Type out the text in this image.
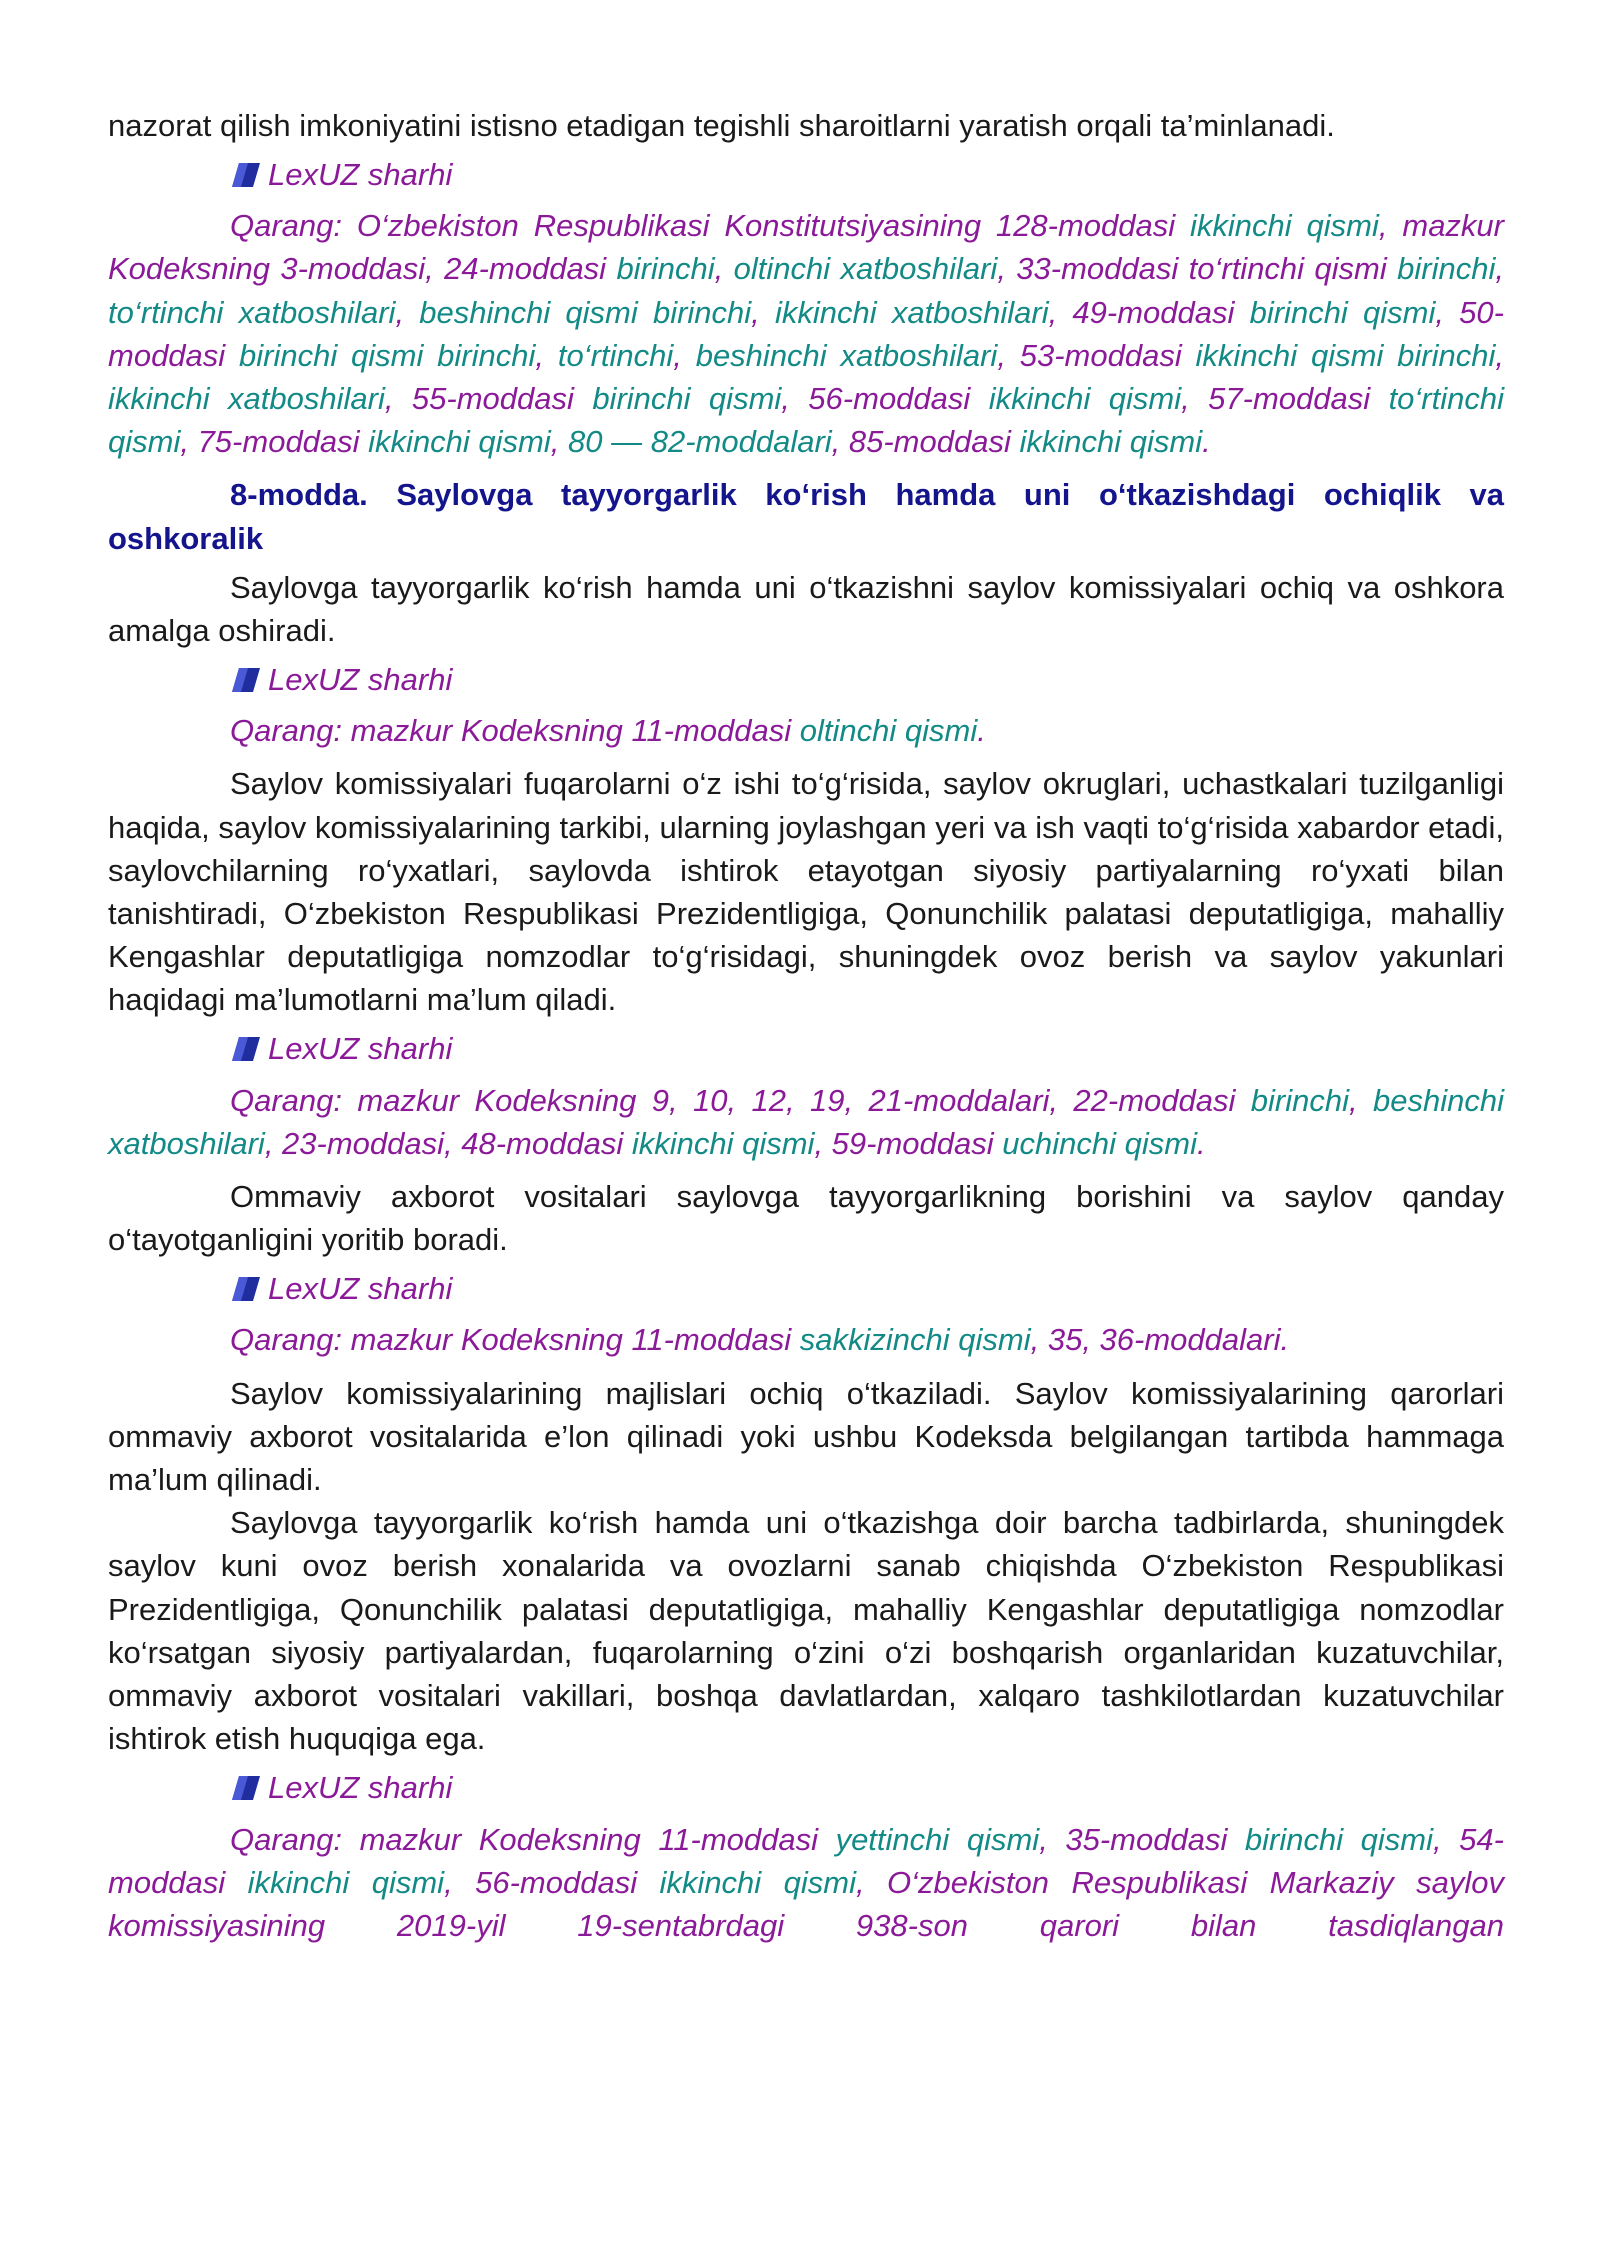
nazorat qilish imkoniyatini istisno etadigan tegishli sharoitlarni yaratish orqali ta’minlanadi.

LexUZ sharhi

Qarang: O‘zbekiston Respublikasi Konstitutsiyasining 128-moddasi ikkinchi qismi, mazkur Kodeksning 3-moddasi, 24-moddasi birinchi, oltinchi xatboshilari, 33-moddasi to‘rtinchi qismi birinchi, to‘rtinchi xatboshilari, beshinchi qismi birinchi, ikkinchi xatboshilari, 49-moddasi birinchi qismi, 50-moddasi birinchi qismi birinchi, to‘rtinchi, beshinchi xatboshilari, 53-moddasi ikkinchi qismi birinchi, ikkinchi xatboshilari, 55-moddasi birinchi qismi, 56-moddasi ikkinchi qismi, 57-moddasi to‘rtinchi qismi, 75-moddasi ikkinchi qismi, 80 — 82-moddalari, 85-moddasi ikkinchi qismi.

8-modda. Saylovga tayyorgarlik ko‘rish hamda uni o‘tkazishdagi ochiqlik va oshkoralik

Saylovga tayyorgarlik ko‘rish hamda uni o‘tkazishni saylov komissiyalari ochiq va oshkora amalga oshiradi.

LexUZ sharhi

Qarang: mazkur Kodeksning 11-moddasi oltinchi qismi.

Saylov komissiyalari fuqarolarni o‘z ishi to‘g‘risida, saylov okruglari, uchastkalari tuzilganligi haqida, saylov komissiyalarining tarkibi, ularning joylashgan yeri va ish vaqti to‘g‘risida xabardor etadi, saylovchilarning ro‘yxatlari, saylovda ishtirok etayotgan siyosiy partiyalarning ro‘yxati bilan tanishtiradi, O‘zbekiston Respublikasi Prezidentligiga, Qonunchilik palatasi deputatligiga, mahalliy Kengashlar deputatligiga nomzodlar to‘g‘risidagi, shuningdek ovoz berish va saylov yakunlari haqidagi ma’lumotlarni ma’lum qiladi.

LexUZ sharhi

Qarang: mazkur Kodeksning 9, 10, 12, 19, 21-moddalari, 22-moddasi birinchi, beshinchi xatboshilari, 23-moddasi, 48-moddasi ikkinchi qismi, 59-moddasi uchinchi qismi.

Ommaviy axborot vositalari saylovga tayyorgarlikning borishini va saylov qanday o‘tayotganligini yoritib boradi.

LexUZ sharhi

Qarang: mazkur Kodeksning 11-moddasi sakkizinchi qismi, 35, 36-moddalari.

Saylov komissiyalarining majlislari ochiq o‘tkaziladi. Saylov komissiyalarining qarorlari ommaviy axborot vositalarida e’lon qilinadi yoki ushbu Kodeksda belgilangan tartibda hammaga ma’lum qilinadi.

Saylovga tayyorgarlik ko‘rish hamda uni o‘tkazishga doir barcha tadbirlarda, shuningdek saylov kuni ovoz berish xonalarida va ovozlarni sanab chiqishda O‘zbekiston Respublikasi Prezidentligiga, Qonunchilik palatasi deputatligiga, mahalliy Kengashlar deputatligiga nomzodlar ko‘rsatgan siyosiy partiyalardan, fuqarolarning o‘zini o‘zi boshqarish organlaridan kuzatuvchilar, ommaviy axborot vositalari vakillari, boshqa davlatlardan, xalqaro tashkilotlardan kuzatuvchilar ishtirok etish huquqiga ega.

LexUZ sharhi

Qarang: mazkur Kodeksning 11-moddasi yettinchi qismi, 35-moddasi birinchi qismi, 54-moddasi ikkinchi qismi, 56-moddasi ikkinchi qismi, O‘zbekiston Respublikasi Markaziy saylov komissiyasining 2019-yil 19-sentabrdagi 938-son qarori bilan tasdiqlangan
